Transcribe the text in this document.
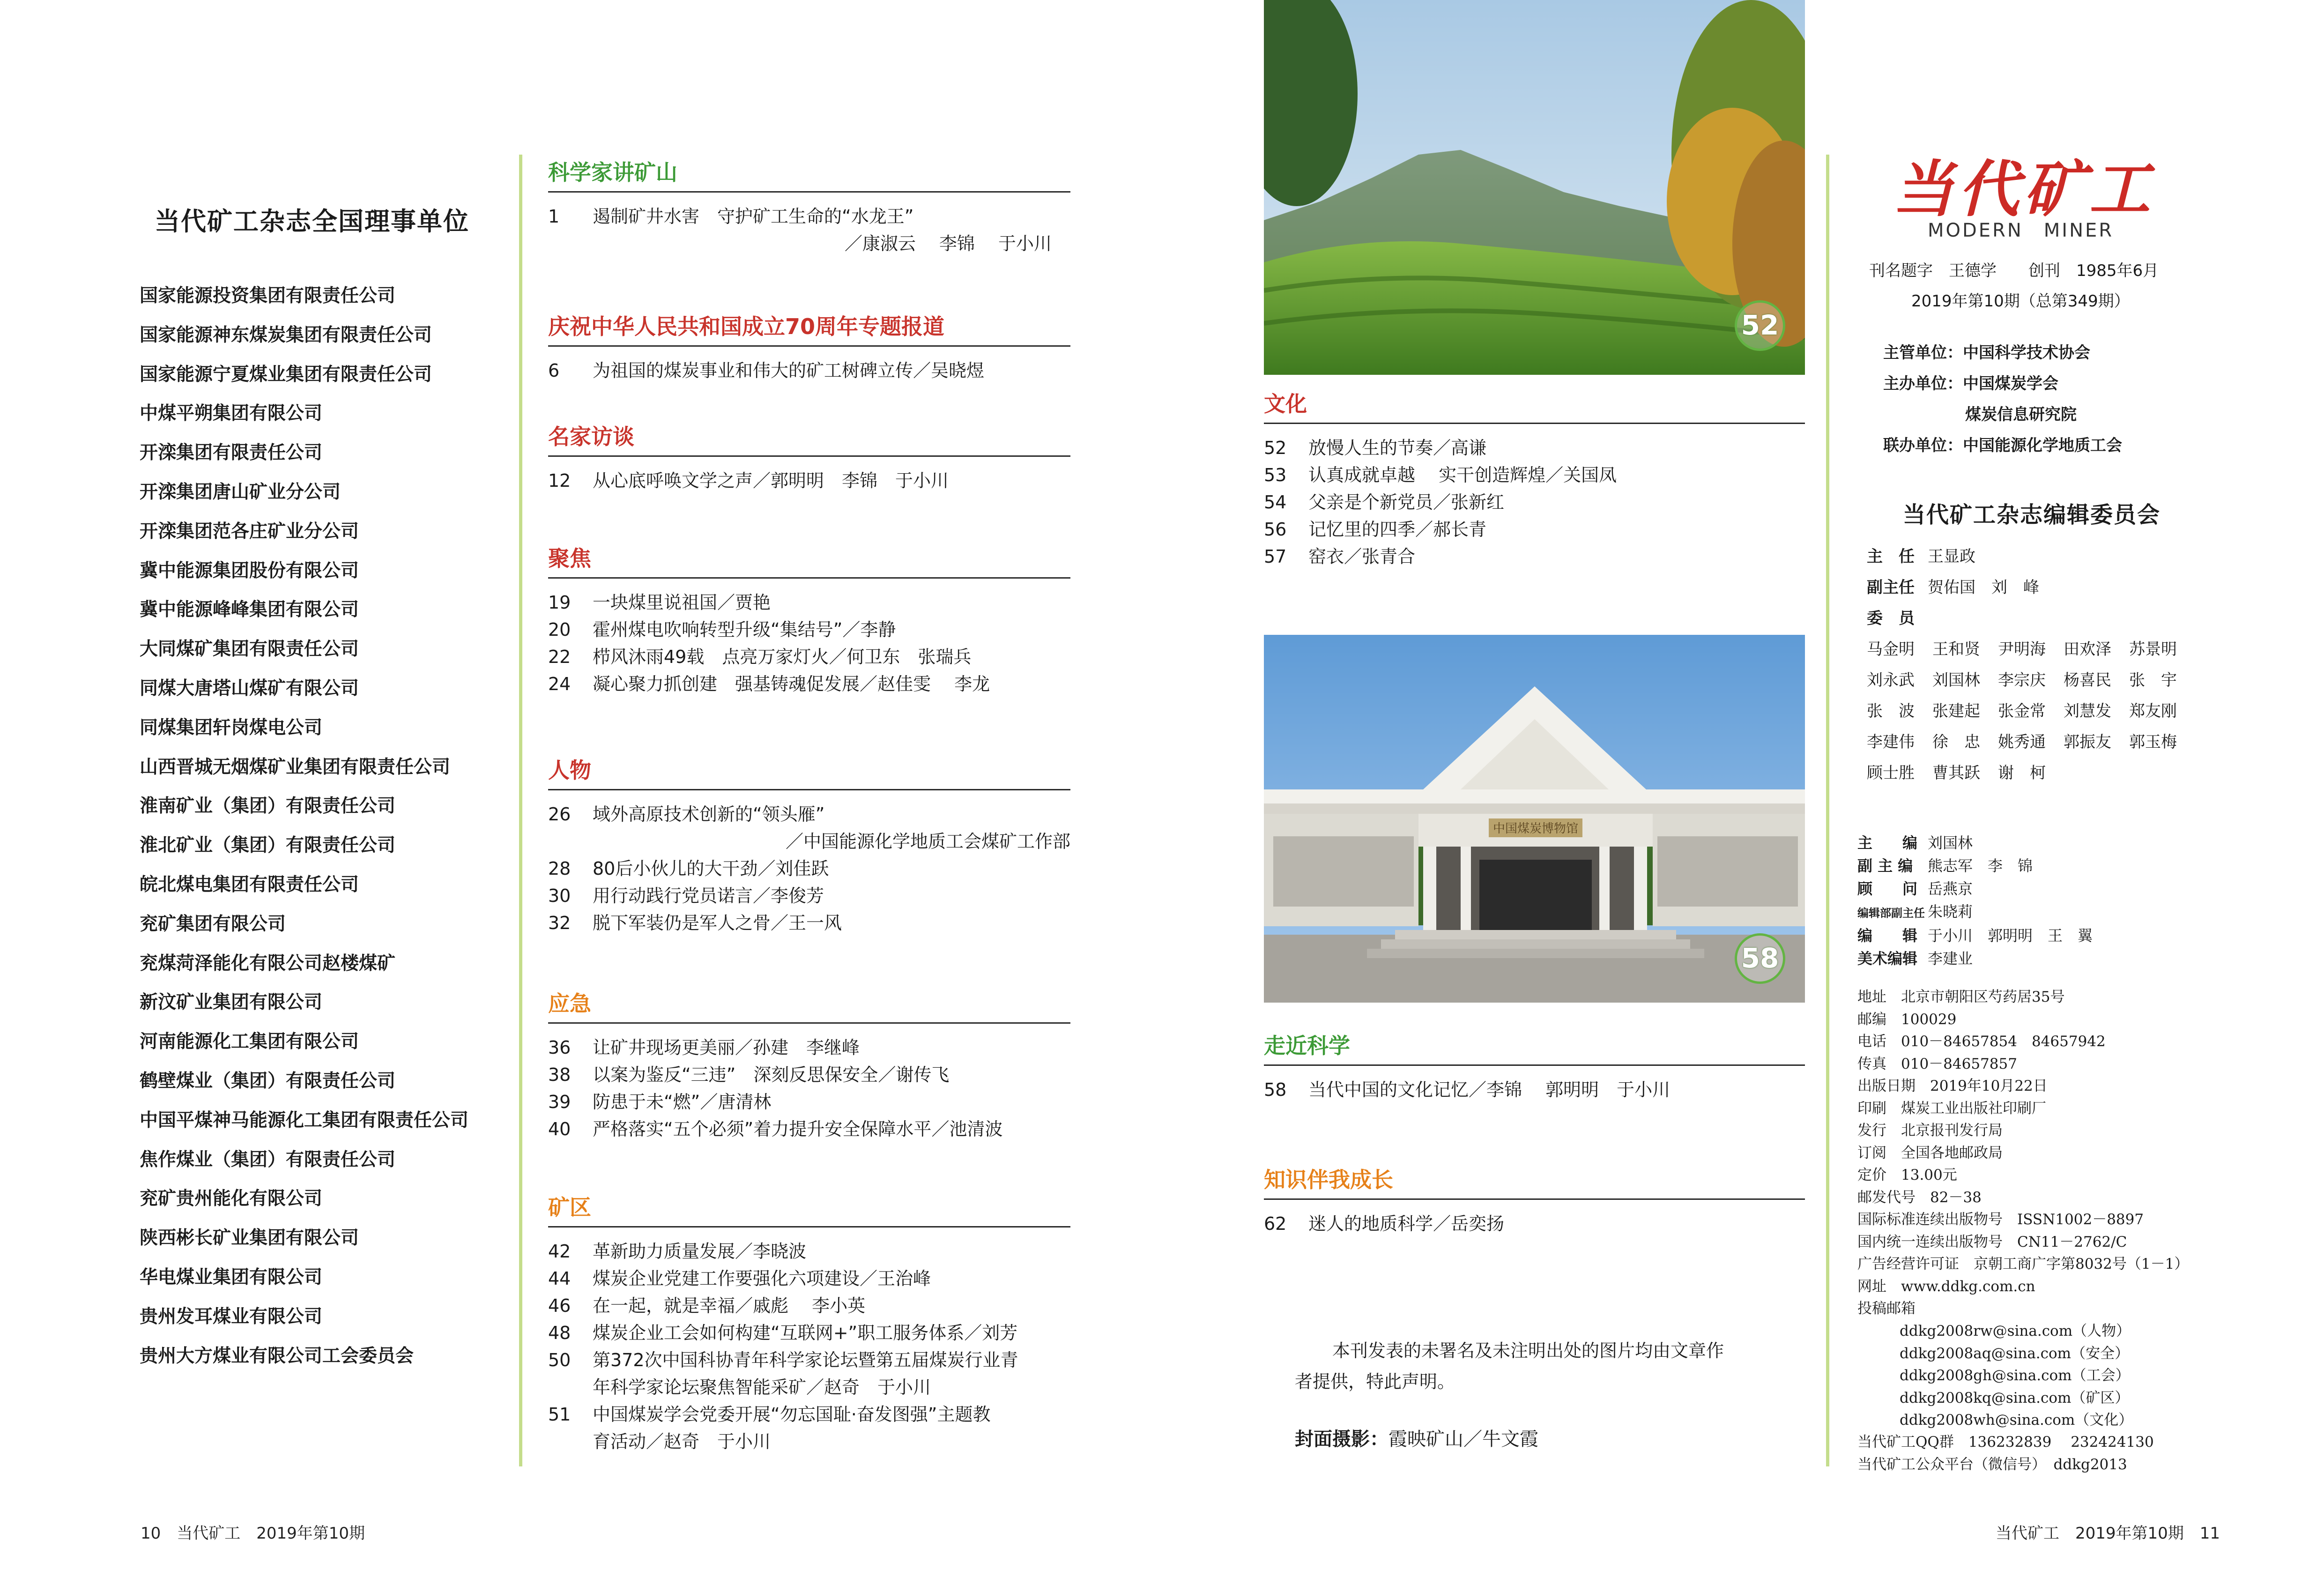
当代矿工杂志全国理事单位
国家能源投资集团有限责任公司
国家能源神东煤炭集团有限责任公司
国家能源宁夏煤业集团有限责任公司
中煤平朔集团有限公司
开滦集团有限责任公司
开滦集团唐山矿业分公司
开滦集团范各庄矿业分公司
冀中能源集团股份有限公司
冀中能源峰峰集团有限公司
大同煤矿集团有限责任公司
同煤大唐塔山煤矿有限公司
同煤集团轩岗煤电公司
山西晋城无烟煤矿业集团有限责任公司
淮南矿业（集团）有限责任公司
淮北矿业（集团）有限责任公司
皖北煤电集团有限责任公司
兖矿集团有限公司
兖煤菏泽能化有限公司赵楼煤矿
新汶矿业集团有限公司
河南能源化工集团有限公司
鹤壁煤业（集团）有限责任公司
中国平煤神马能源化工集团有限责任公司
焦作煤业（集团）有限责任公司
兖矿贵州能化有限公司
陕西彬长矿业集团有限公司
华电煤业集团有限公司
贵州发耳煤业有限公司
贵州大方煤业有限公司工会委员会
科学家讲矿山
1 遏制矿井水害　守护矿工生命的“水龙王”
／康淑云　 李锦　 于小川
庆祝中华人民共和国成立70周年专题报道
6 为祖国的煤炭事业和伟大的矿工树碑立传／吴晓煜
名家访谈
12 从心底呼唤文学之声／郭明明　李锦　于小川
聚焦
19 一块煤里说祖国／贾艳
20 霍州煤电吹响转型升级“集结号”／李静
22 栉风沐雨49载　点亮万家灯火／何卫东　张瑞兵
24 凝心聚力抓创建　强基铸魂促发展／赵佳雯　 李龙
人物
26 域外高原技术创新的“领头雁”
／中国能源化学地质工会煤矿工作部
28 80后小伙儿的大干劲／刘佳跃
30 用行动践行党员诺言／李俊芳
32 脱下军装仍是军人之骨／王一风
应急
36 让矿井现场更美丽／孙建　李继峰
38 以案为鉴反“三违”　深刻反思保安全／谢传飞
39 防患于未“燃”／唐清林
40 严格落实“五个必须”着力提升安全保障水平／池清波
矿区
42 革新助力质量发展／李晓波
44 煤炭企业党建工作要强化六项建设／王治峰
46 在一起，就是幸福／戚彪　 李小英
48 煤炭企业工会如何构建“互联网+”职工服务体系／刘芳
50 第372次中国科协青年科学家论坛暨第五届煤炭行业青
年科学家论坛聚焦智能采矿／赵奇　于小川
51 中国煤炭学会党委开展“勿忘国耻·奋发图强”主题教
育活动／赵奇　于小川
52
文化
52 放慢人生的节奏／高谦
53 认真成就卓越　 实干创造辉煌／关国凤
54 父亲是个新党员／张新红
56 记忆里的四季／郝长青
57 窑衣／张青合
中国煤炭博物馆
58
走近科学
58 当代中国的文化记忆／李锦　 郭明明　于小川
知识伴我成长
62 迷人的地质科学／岳奕扬
本刊发表的未署名及未注明出处的图片均由文章作
者提供，特此声明。
封面摄影：霞映矿山／牛文霞
当代矿工
MODERN　MINER
刊名题字　王德学　　创刊　1985年6月
2019年第10期（总第349期）
主管单位：中国科学技术协会
主办单位：中国煤炭学会
煤炭信息研究院
联办单位：中国能源化学地质工会
当代矿工杂志编辑委员会
主　任 王显政
副主任 贺佑国　刘　峰
委　员
马金明	王和贤	尹明海	田欢泽	苏景明
刘永武	刘国林	李宗庆	杨喜民	张　宇
张　波	张建起	张金常	刘慧发	郑友刚
李建伟	徐　忠	姚秀通	郭振友	郭玉梅
顾士胜	曹其跃	谢　柯
主　　编 刘国林
副 主 编 熊志军　李　锦
顾　　问 岳燕京
编辑部副主任 朱晓莉
编　　辑 于小川　郭明明　王　翼
美术编辑 李建业
地址　北京市朝阳区芍药居35号
邮编　100029
电话　010－84657854　84657942
传真　010－84657857
出版日期　2019年10月22日
印刷　煤炭工业出版社印刷厂
发行　北京报刊发行局
订阅　全国各地邮政局
定价　13.00元
邮发代号　82－38
国际标准连续出版物号　ISSN1002－8897
国内统一连续出版物号　CN11－2762/C
广告经营许可证　京朝工商广字第8032号（1－1）
网址　www.ddkg.com.cn
投稿邮箱
ddkg2008rw@sina.com（人物）
ddkg2008aq@sina.com（安全）
ddkg2008gh@sina.com（工会）
ddkg2008kq@sina.com（矿区）
ddkg2008wh@sina.com（文化）
当代矿工QQ群　136232839　 232424130
当代矿工公众平台（微信号）　ddkg2013
10　当代矿工　2019年第10期	当代矿工　2019年第10期　11
